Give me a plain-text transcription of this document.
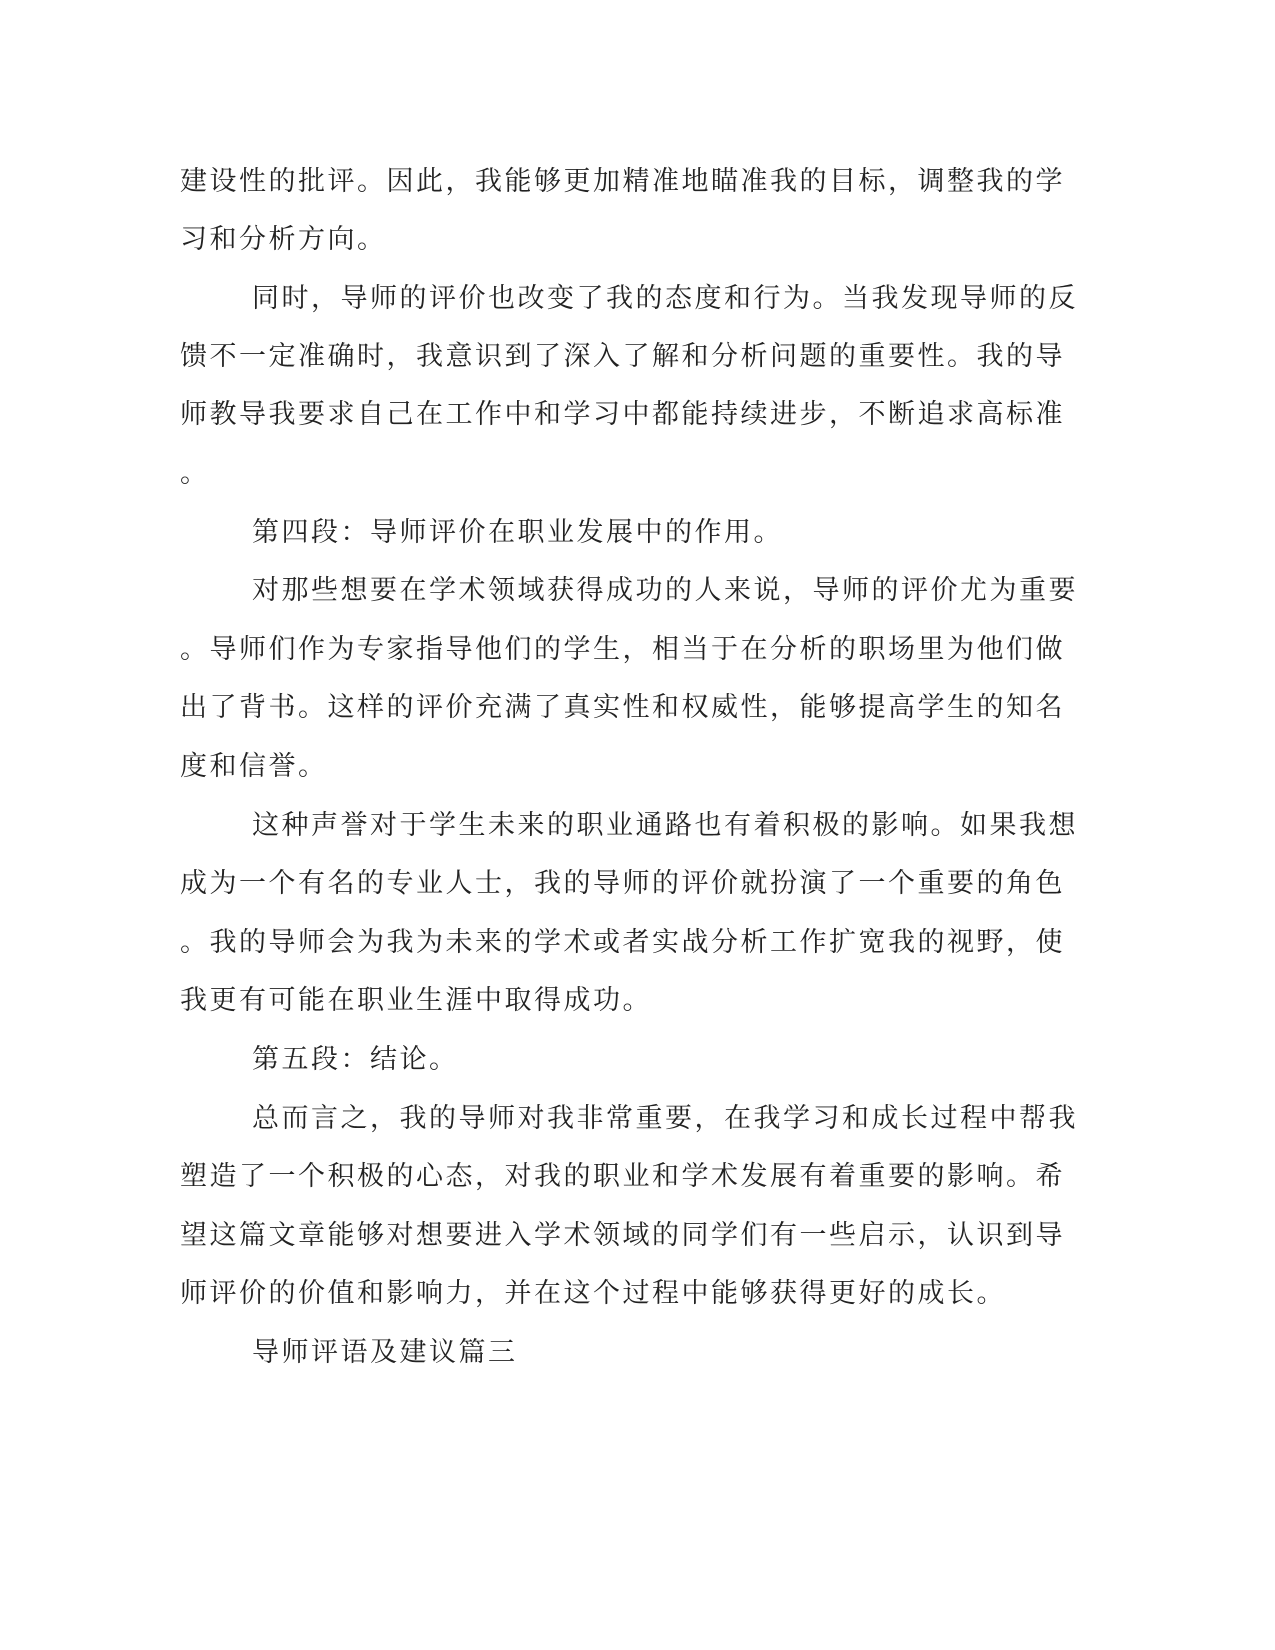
建设性的批评。因此，我能够更加精准地瞄准我的目标，调整我的学

习和分析方向。

同时，导师的评价也改变了我的态度和行为。当我发现导师的反

馈不一定准确时，我意识到了深入了解和分析问题的重要性。我的导

师教导我要求自己在工作中和学习中都能持续进步，不断追求高标准

。

第四段：导师评价在职业发展中的作用。

对那些想要在学术领域获得成功的人来说，导师的评价尤为重要

。导师们作为专家指导他们的学生，相当于在分析的职场里为他们做

出了背书。这样的评价充满了真实性和权威性，能够提高学生的知名

度和信誉。

这种声誉对于学生未来的职业通路也有着积极的影响。如果我想

成为一个有名的专业人士，我的导师的评价就扮演了一个重要的角色

。我的导师会为我为未来的学术或者实战分析工作扩宽我的视野，使

我更有可能在职业生涯中取得成功。

第五段：结论。

总而言之，我的导师对我非常重要，在我学习和成长过程中帮我

塑造了一个积极的心态，对我的职业和学术发展有着重要的影响。希

望这篇文章能够对想要进入学术领域的同学们有一些启示，认识到导

师评价的价值和影响力，并在这个过程中能够获得更好的成长。

导师评语及建议篇三
